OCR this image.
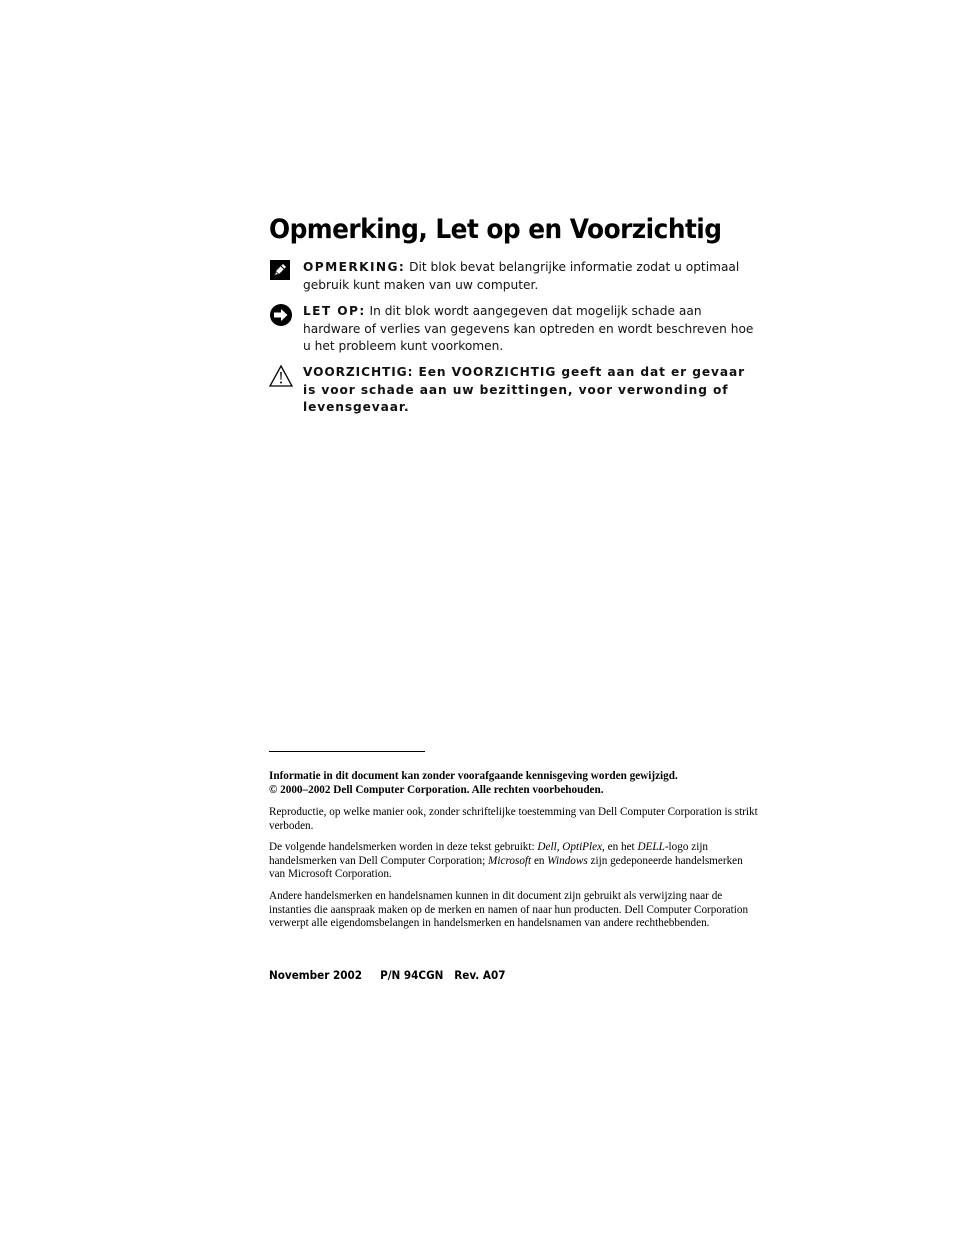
Opmerking, Let op en Voorzichtig
OPMERKING: Dit blok bevat belangrijke informatie zodat u optimaal gebruik kunt maken van uw computer.
LET OP: In dit blok wordt aangegeven dat mogelijk schade aan hardware of verlies van gegevens kan optreden en wordt beschreven hoe u het probleem kunt voorkomen.
VOORZICHTIG: Een VOORZICHTIG geeft aan dat er gevaar is voor schade aan uw bezittingen, voor verwonding of levensgevaar.

Informatie in dit document kan zonder voorafgaande kennisgeving worden gewijzigd.

© 2000–2002 Dell Computer Corporation. Alle rechten voorbehouden.

Reproductie, op welke manier ook, zonder schriftelijke toestemming van Dell Computer Corporation is strikt verboden.

De volgende handelsmerken worden in deze tekst gebruikt: Dell, OptiPlex, en het DELL-logo zijn handelsmerken van Dell Computer Corporation; Microsoft en Windows zijn gedeponeerde handelsmerken van Microsoft Corporation.

Andere handelsmerken en handelsnamen kunnen in dit document zijn gebruikt als verwijzing naar de instanties die aanspraak maken op de merken en namen of naar hun producten. Dell Computer Corporation verwerpt alle eigendomsbelangen in handelsmerken en handelsnamen van andere rechthebbenden.

November 2002 P/N 94CGN Rev. A07
